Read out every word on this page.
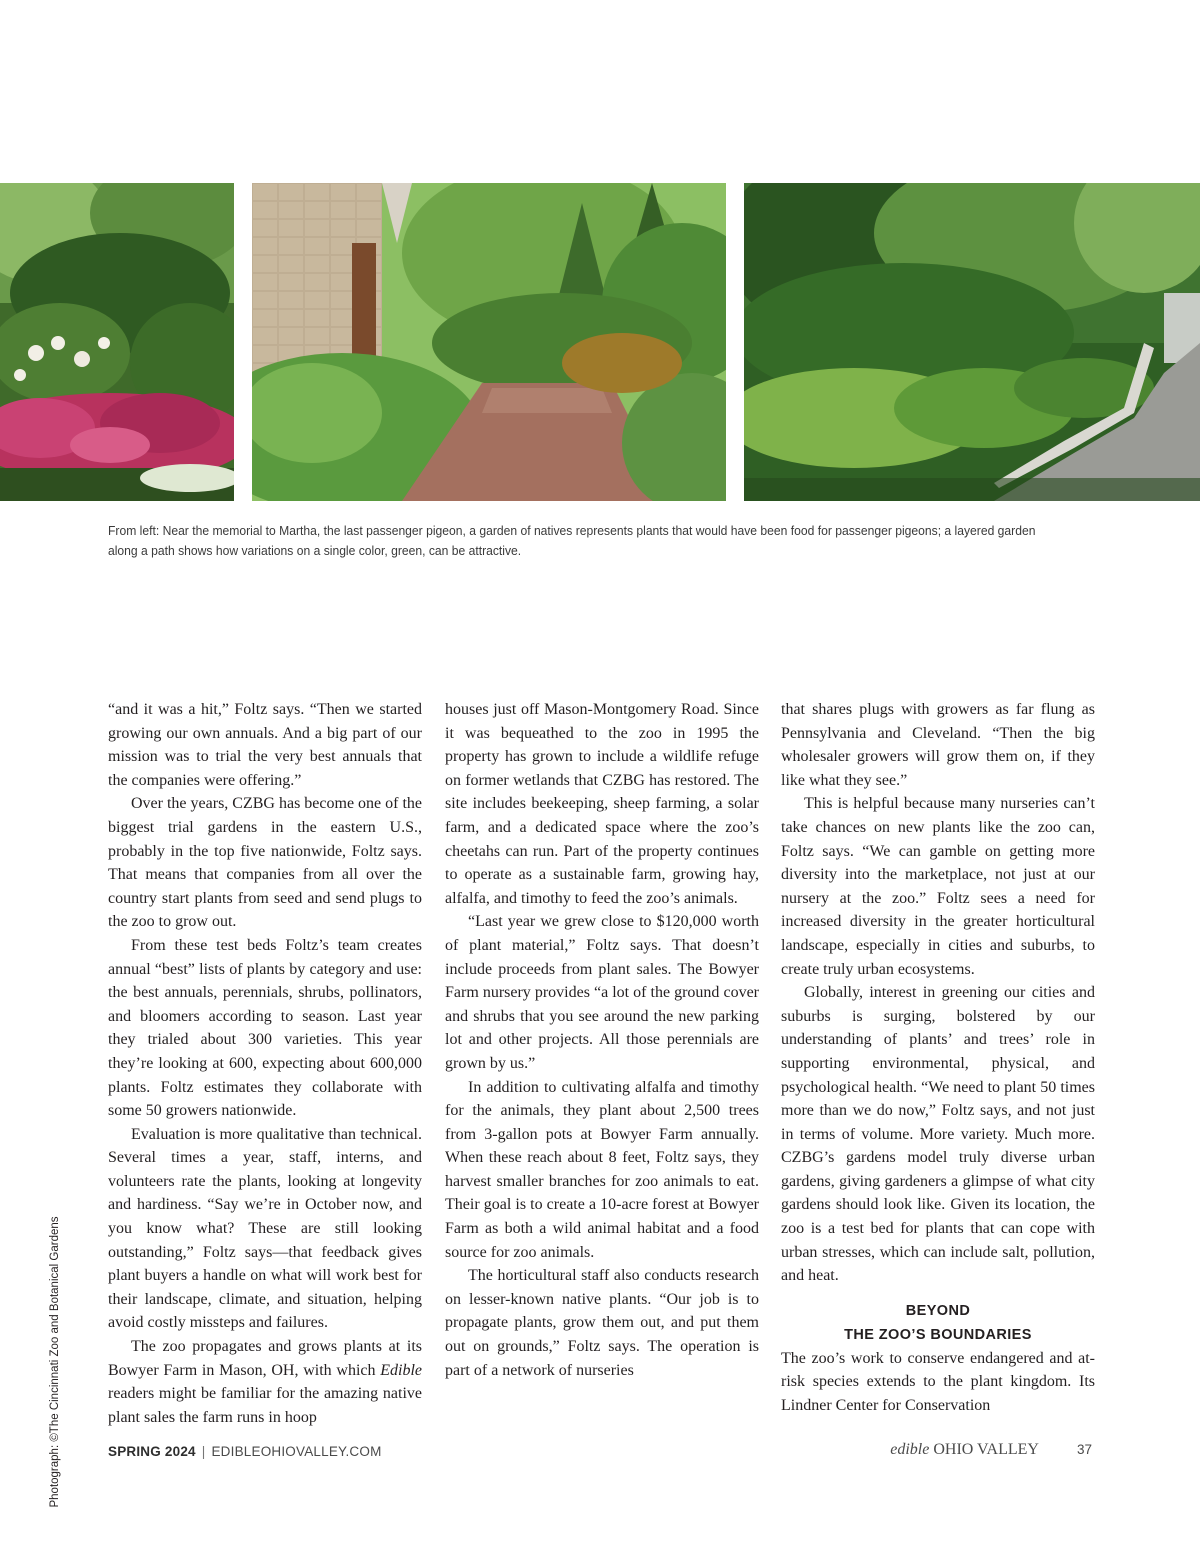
From left: Near the memorial to Martha, the last passenger pigeon, a garden of natives represents plants that would have been food for passenger pigeons; a layered garden along a path shows how variations on a single color, green, can be attractive.
Photograph: ©The Cincinnati Zoo and Botanical Gardens

“and it was a hit,” Foltz says. “Then we started growing our own annuals. And a big part of our mission was to trial the very best annuals that the companies were offering.”

Over the years, CZBG has become one of the biggest trial gardens in the eastern U.S., probably in the top five nationwide, Foltz says. That means that companies from all over the country start plants from seed and send plugs to the zoo to grow out.

From these test beds Foltz’s team creates annual “best” lists of plants by category and use: the best annuals, perennials, shrubs, pollinators, and bloomers according to season. Last year they trialed about 300 varieties. This year they’re looking at 600, expecting about 600,000 plants. Foltz estimates they collaborate with some 50 growers nationwide.

Evaluation is more qualitative than technical. Several times a year, staff, interns, and volunteers rate the plants, looking at longevity and hardiness. “Say we’re in October now, and you know what? These are still looking outstanding,” Foltz says—that feedback gives plant buyers a handle on what will work best for their landscape, climate, and situation, helping avoid costly missteps and failures.

The zoo propagates and grows plants at its Bowyer Farm in Mason, OH, with which Edible readers might be familiar for the amazing native plant sales the farm runs in hoop

houses just off Mason-Montgomery Road. Since it was bequeathed to the zoo in 1995 the property has grown to include a wildlife refuge on former wetlands that CZBG has restored. The site includes beekeeping, sheep farming, a solar farm, and a dedicated space where the zoo’s cheetahs can run. Part of the property continues to operate as a sustainable farm, growing hay, alfalfa, and timothy to feed the zoo’s animals.

“Last year we grew close to $120,000 worth of plant material,” Foltz says. That doesn’t include proceeds from plant sales. The Bowyer Farm nursery provides “a lot of the ground cover and shrubs that you see around the new parking lot and other projects. All those perennials are grown by us.”

In addition to cultivating alfalfa and timothy for the animals, they plant about 2,500 trees from 3-gallon pots at Bowyer Farm annually. When these reach about 8 feet, Foltz says, they harvest smaller branches for zoo animals to eat. Their goal is to create a 10-acre forest at Bowyer Farm as both a wild animal habitat and a food source for zoo animals.

The horticultural staff also conducts research on lesser-known native plants. “Our job is to propagate plants, grow them out, and put them out on grounds,” Foltz says. The operation is part of a network of nurseries

that shares plugs with growers as far flung as Pennsylvania and Cleveland. “Then the big wholesaler growers will grow them on, if they like what they see.”

This is helpful because many nurseries can’t take chances on new plants like the zoo can, Foltz says. “We can gamble on getting more diversity into the marketplace, not just at our nursery at the zoo.” Foltz sees a need for increased diversity in the greater horticultural landscape, especially in cities and suburbs, to create truly urban ecosystems.

Globally, interest in greening our cities and suburbs is surging, bolstered by our understanding of plants’ and trees’ role in supporting environmental, physical, and psychological health. “We need to plant 50 times more than we do now,” Foltz says, and not just in terms of volume. More variety. Much more. CZBG’s gardens model truly diverse urban gardens, giving gardeners a glimpse of what city gardens should look like. Given its location, the zoo is a test bed for plants that can cope with urban stresses, which can include salt, pollution, and heat.

BEYOND
THE ZOO’S BOUNDARIES

The zoo’s work to conserve endangered and at-risk species extends to the plant kingdom. Its Lindner Center for Conservation

SPRING 2024 | EDIBLEOHIOVALLEY.COM	edible OHIO VALLEY	37
